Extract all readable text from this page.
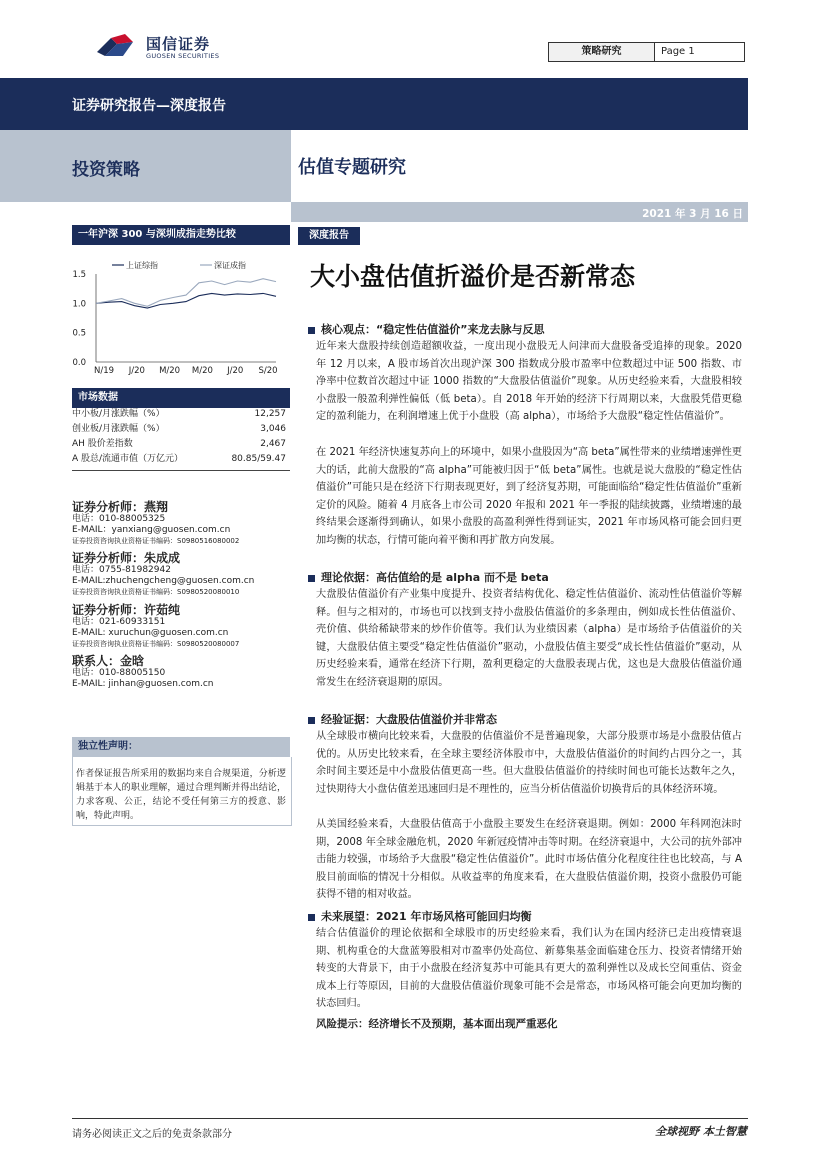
国信证券
GUOSEN SECURITIES	策略研究	Page 1
证券研究报告—深度报告
投资策略	估值专题研究
2021 年 3 月 16 日
一年沪深 300 与深圳成指走势比较
0.0
0.5
1.0
1.5
N/19 J/20 M/20 M/20 J/20 S/20
上证综指	深证成指
市场数据
中小板/月涨跌幅（%）	12,257
创业板/月涨跌幅（%）	3,046
AH 股价差指数	2,467
A 股总/流通市值（万亿元）	80.85/59.47
证券分析师：燕翔
电话：010-88005325
E-MAIL：yanxiang@guosen.com.cn
证券投资咨询执业资格证书编码：S0980516080002
证券分析师：朱成成
电话：0755-81982942
E-MAIL:zhuchengcheng@guosen.com.cn
证券投资咨询执业资格证书编码：S0980520080010
证券分析师：许茹纯
电话：021-60933151
E-MAIL: xuruchun@guosen.com.cn
证券投资咨询执业资格证书编码：S0980520080007
联系人：金晗
电话：010-88005150
E-MAIL: jinhan@guosen.com.cn
独立性声明：
作者保证报告所采用的数据均来自合规渠道，分析逻辑基于本人的职业理解，通过合理判断并得出结论，力求客观、公正，结论不受任何第三方的授意、影响，特此声明。
深度报告
大小盘估值折溢价是否新常态
核心观点：“稳定性估值溢价”来龙去脉与反思
近年来大盘股持续创造超额收益，一度出现小盘股无人问津而大盘股备受追捧的现象。2020 年 12 月以来，A 股市场首次出现沪深 300 指数成分股市盈率中位数超过中证 500 指数、市净率中位数首次超过中证 1000 指数的“大盘股估值溢价”现象。从历史经验来看，大盘股相较小盘股一般盈利弹性偏低（低 beta）。自 2018 年开始的经济下行周期以来，大盘股凭借更稳定的盈利能力，在利润增速上优于小盘股（高 alpha），市场给予大盘股“稳定性估值溢价”。
在 2021 年经济快速复苏向上的环境中，如果小盘股因为“高 beta”属性带来的业绩增速弹性更大的话，此前大盘股的“高 alpha”可能被归因于“低 beta”属性。也就是说大盘股的“稳定性估值溢价”可能只是在经济下行期表现更好，到了经济复苏期，可能面临给“稳定性估值溢价”重新定价的风险。随着 4 月底各上市公司 2020 年报和 2021 年一季报的陆续披露，业绩增速的最终结果会逐渐得到确认，如果小盘股的高盈利弹性得到证实，2021 年市场风格可能会回归更加均衡的状态，行情可能向着平衡和再扩散方向发展。
理论依据：高估值给的是 alpha 而不是 beta
大盘股估值溢价有产业集中度提升、投资者结构优化、稳定性估值溢价、流动性估值溢价等解释。但与之相对的，市场也可以找到支持小盘股估值溢价的多条理由，例如成长性估值溢价、壳价值、供给稀缺带来的炒作价值等。我们认为业绩因素（alpha）是市场给予估值溢价的关键，大盘股估值主要受“稳定性估值溢价”驱动，小盘股估值主要受“成长性估值溢价”驱动，从历史经验来看，通常在经济下行期，盈利更稳定的大盘股表现占优，这也是大盘股估值溢价通常发生在经济衰退期的原因。
经验证据：大盘股估值溢价并非常态
从全球股市横向比较来看，大盘股的估值溢价不是普遍现象，大部分股票市场是小盘股估值占优的。从历史比较来看，在全球主要经济体股市中，大盘股估值溢价的时间约占四分之一，其余时间主要还是中小盘股估值更高一些。但大盘股估值溢价的持续时间也可能长达数年之久，过快期待大小盘估值差迅速回归是不理性的，应当分析估值溢价切换背后的具体经济环境。
从美国经验来看，大盘股估值高于小盘股主要发生在经济衰退期。例如：2000 年科网泡沫时期，2008 年全球金融危机，2020 年新冠疫情冲击等时期。在经济衰退中，大公司的抗外部冲击能力较强，市场给予大盘股“稳定性估值溢价”。此时市场估值分化程度往往也比较高，与 A 股目前面临的情况十分相似。从收益率的角度来看，在大盘股估值溢价期，投资小盘股仍可能获得不错的相对收益。
未来展望：2021 年市场风格可能回归均衡
结合估值溢价的理论依据和全球股市的历史经验来看，我们认为在国内经济已走出疫情衰退期、机构重仓的大盘蓝筹股相对市盈率仍处高位、新募集基金面临建仓压力、投资者情绪开始转变的大背景下，由于小盘股在经济复苏中可能具有更大的盈利弹性以及成长空间重估、资金成本上行等原因，目前的大盘股估值溢价现象可能不会是常态，市场风格可能会向更加均衡的状态回归。
风险提示：经济增长不及预期，基本面出现严重恶化
请务必阅读正文之后的免责条款部分	全球视野 本土智慧
